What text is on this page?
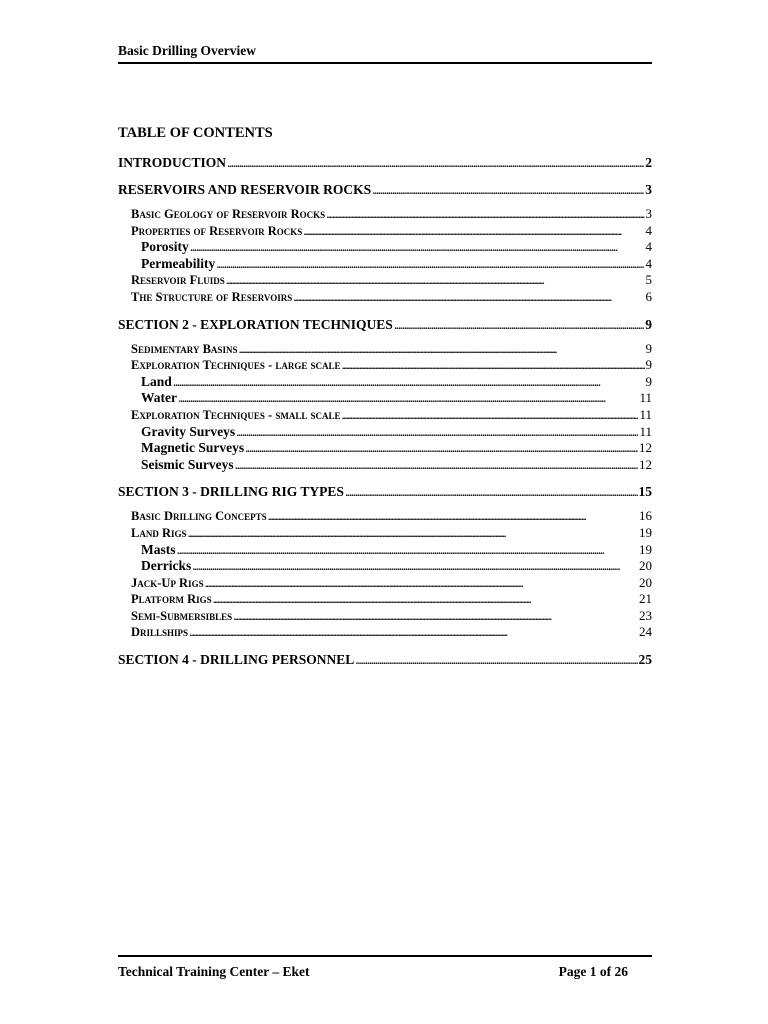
Basic Drilling Overview
TABLE OF CONTENTS
INTRODUCTION . . .	2
RESERVOIRS AND RESERVOIR ROCKS . . .	3
Basic Geology of Reservoir Rocks . . .	3
Properties of Reservoir Rocks . . .	4
Porosity . . .	4
Permeability . . .	4
Reservoir Fluids . . .	5
The Structure of Reservoirs . . .	6
SECTION 2 - EXPLORATION TECHNIQUES . . .	9
Sedimentary Basins . . .	9
Exploration Techniques - large scale . . .	9
Land . . .	9
Water . . .	11
Exploration Techniques - small scale . . .	11
Gravity Surveys . . .	11
Magnetic Surveys . . .	12
Seismic Surveys . . .	12
SECTION 3 - DRILLING RIG TYPES . . .	15
Basic Drilling Concepts . . .	16
Land Rigs . . .	19
Masts . . .	19
Derricks . . .	20
Jack-Up Rigs . . .	20
Platform Rigs . . .	21
Semi-Submersibles . . .	23
Drillships . . .	24
SECTION 4 - DRILLING PERSONNEL . . .	25
Technical Training Center – Eket	Page 1 of 26
